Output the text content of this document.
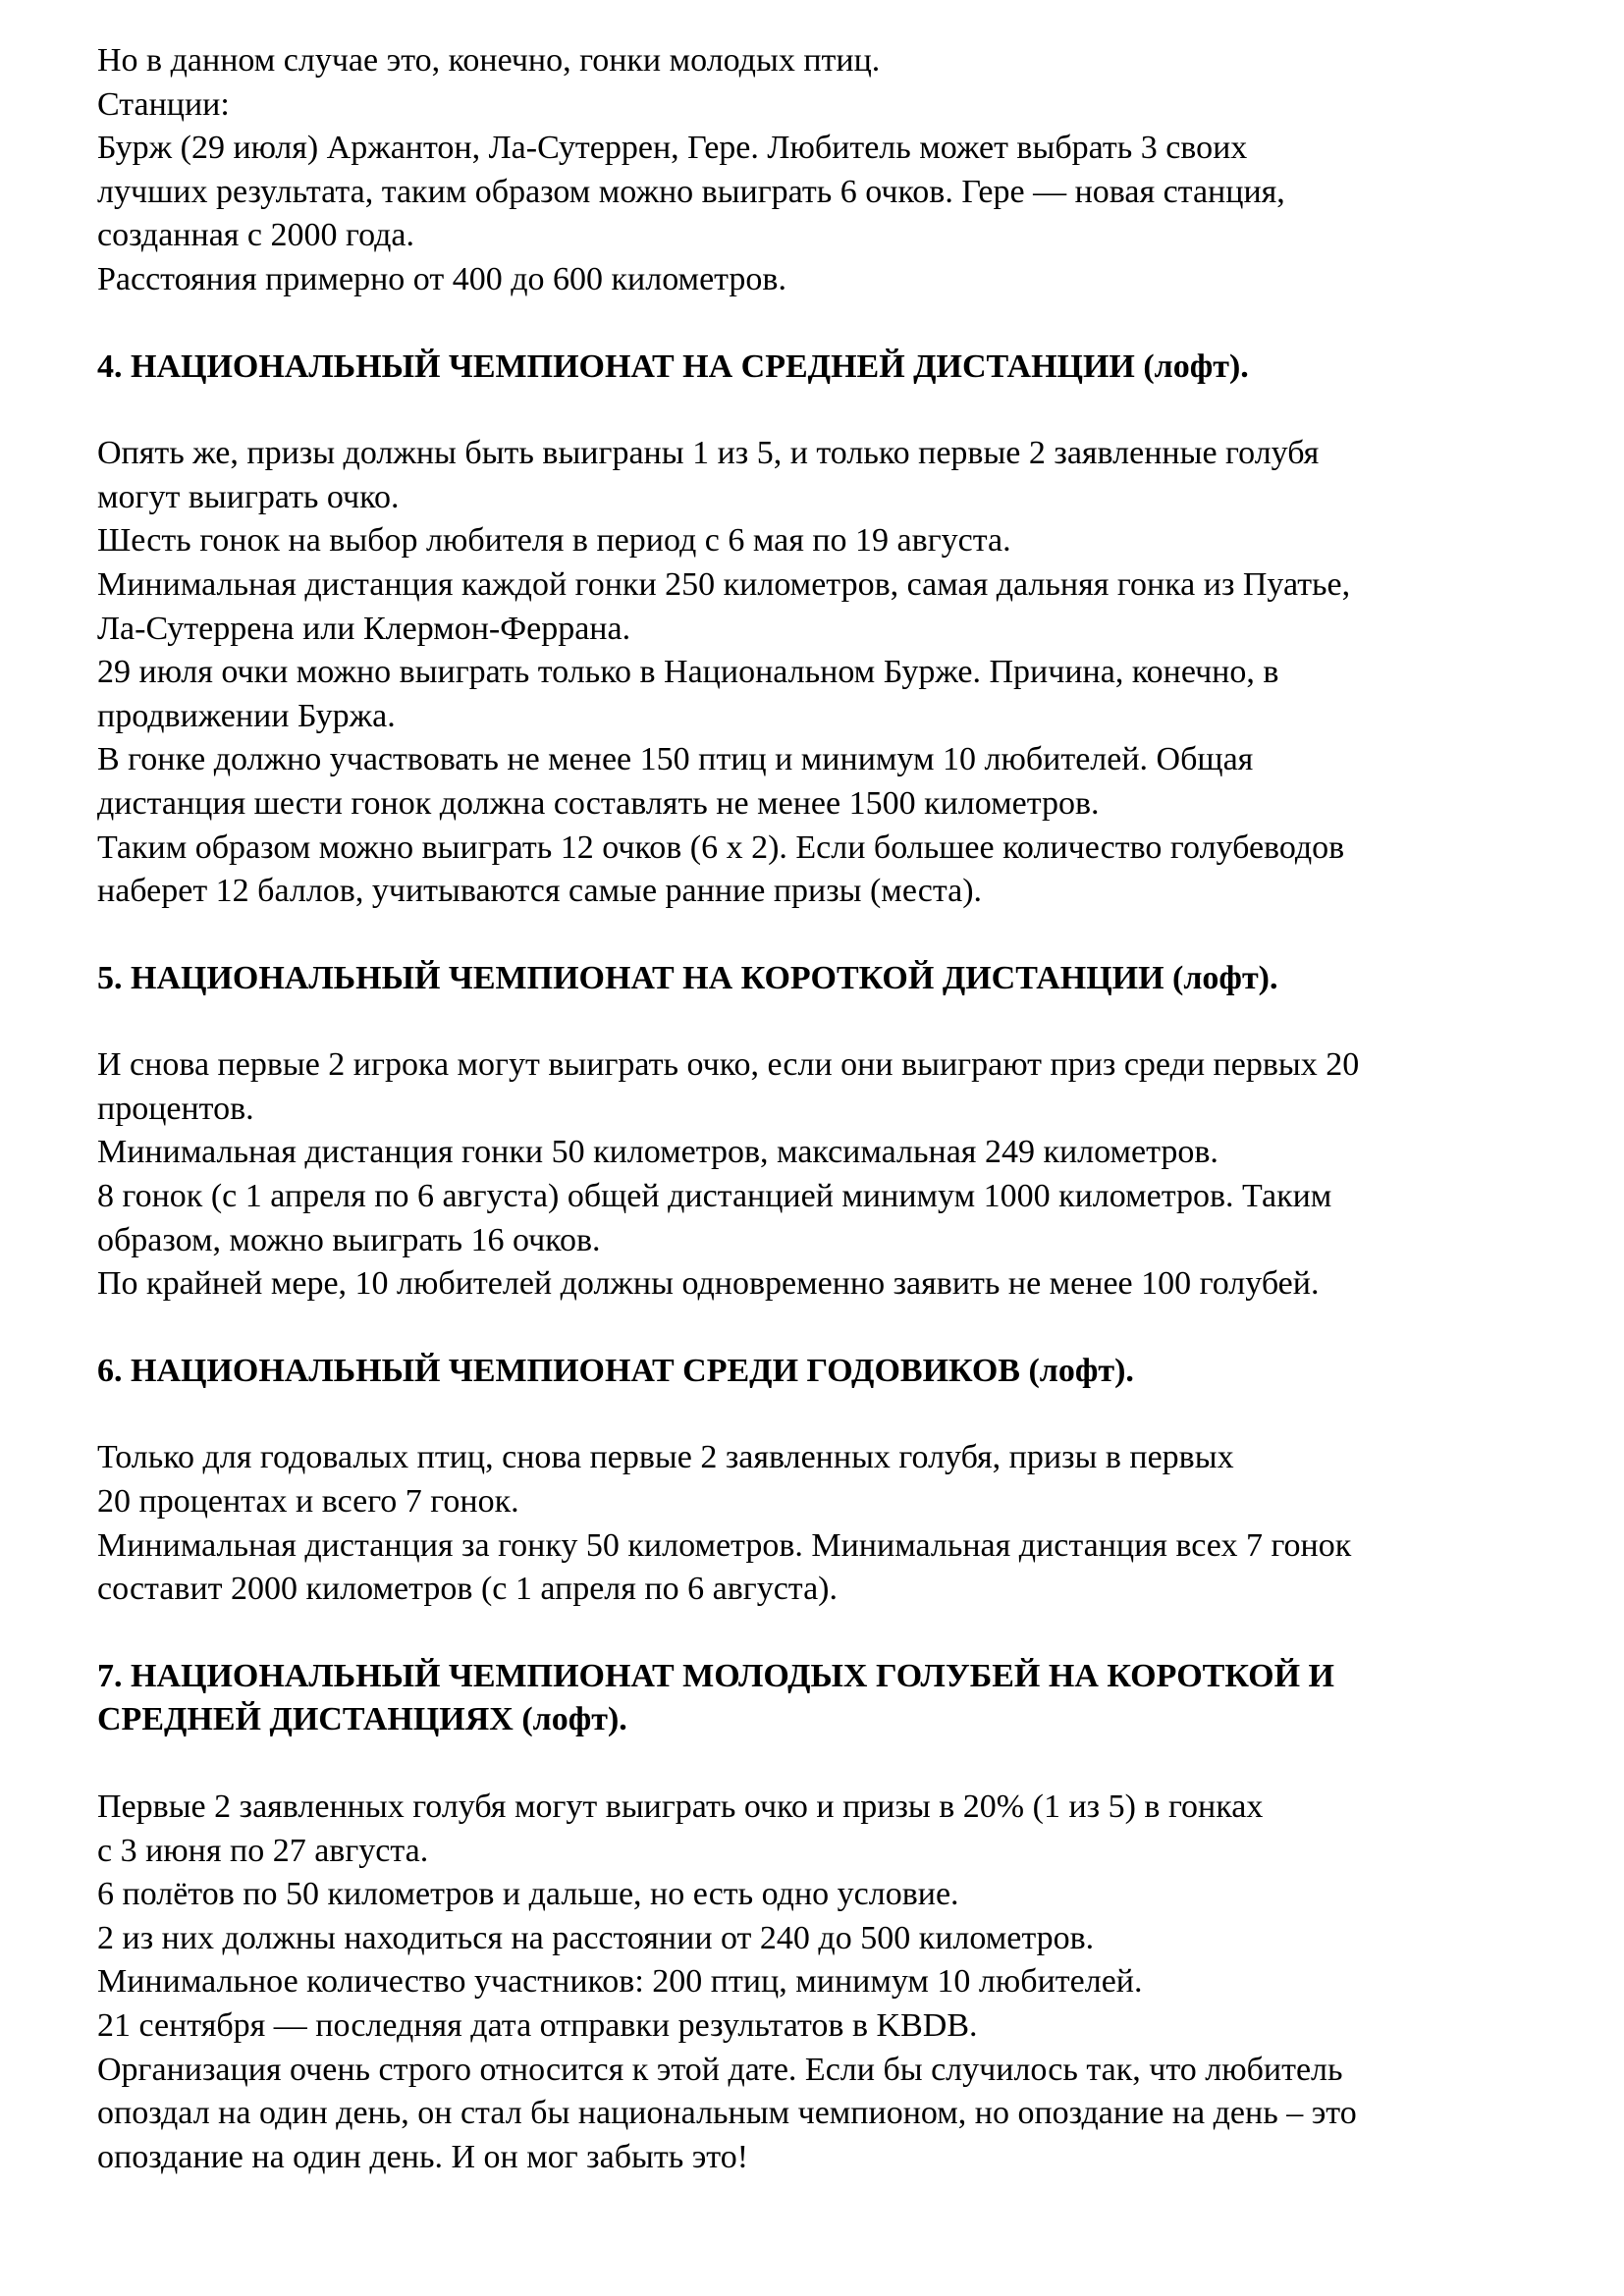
Но в данном случае это, конечно, гонки молодых птиц.
Станции:
Бурж (29 июля) Аржантон, Ла-Сутеррен, Гере. Любитель может выбрать 3 своих
лучших результата, таким образом можно выиграть 6 очков. Гере — новая станция,
созданная с 2000 года.
Расстояния примерно от 400 до 600 километров.
4. НАЦИОНАЛЬНЫЙ ЧЕМПИОНАТ НА СРЕДНЕЙ ДИСТАНЦИИ (лофт).
Опять же, призы должны быть выиграны 1 из 5, и только первые 2 заявленные голубя
могут выиграть очко.
Шесть гонок на выбор любителя в период с 6 мая по 19 августа.
Минимальная дистанция каждой гонки 250 километров, самая дальняя гонка из Пуатье,
Ла-Сутеррена или Клермон-Феррана.
29 июля очки можно выиграть только в Национальном Бурже. Причина, конечно, в
продвижении Буржа.
В гонке должно участвовать не менее 150 птиц и минимум 10 любителей. Общая
дистанция шести гонок должна составлять не менее 1500 километров.
Таким образом можно выиграть 12 очков (6 х 2). Если большее количество голубеводов
наберет 12 баллов, учитываются самые ранние призы (места).
5. НАЦИОНАЛЬНЫЙ ЧЕМПИОНАТ НА КОРОТКОЙ ДИСТАНЦИИ (лофт).
И снова первые 2 игрока могут выиграть очко, если они выиграют приз среди первых 20
процентов.
Минимальная дистанция гонки 50 километров, максимальная 249 километров.
8 гонок (с 1 апреля по 6 августа) общей дистанцией минимум 1000 километров. Таким
образом, можно выиграть 16 очков.
По крайней мере, 10 любителей должны одновременно заявить не менее 100 голубей.
6. НАЦИОНАЛЬНЫЙ ЧЕМПИОНАТ СРЕДИ ГОДОВИКОВ (лофт).
Только для годовалых птиц, снова первые 2 заявленных голубя, призы в первых
20 процентах и всего 7 гонок.
Минимальная дистанция за гонку 50 километров. Минимальная дистанция всех 7 гонок
составит 2000 километров (с 1 апреля по 6 августа).
7. НАЦИОНАЛЬНЫЙ ЧЕМПИОНАТ МОЛОДЫХ ГОЛУБЕЙ НА КОРОТКОЙ И
СРЕДНЕЙ ДИСТАНЦИЯХ (лофт).
Первые 2 заявленных голубя могут выиграть очко и призы в 20% (1 из 5) в гонках
с 3 июня по 27 августа.
6 полётов по 50 километров и дальше, но есть одно условие.
2 из них должны находиться на расстоянии от 240 до 500 километров.
Минимальное количество участников: 200 птиц, минимум 10 любителей.
21 сентября — последняя дата отправки результатов в KBDB.
Организация очень строго относится к этой дате. Если бы случилось так, что любитель
опоздал на один день, он стал бы национальным чемпионом, но опоздание на день – это
опоздание на один день. И он мог забыть это!
